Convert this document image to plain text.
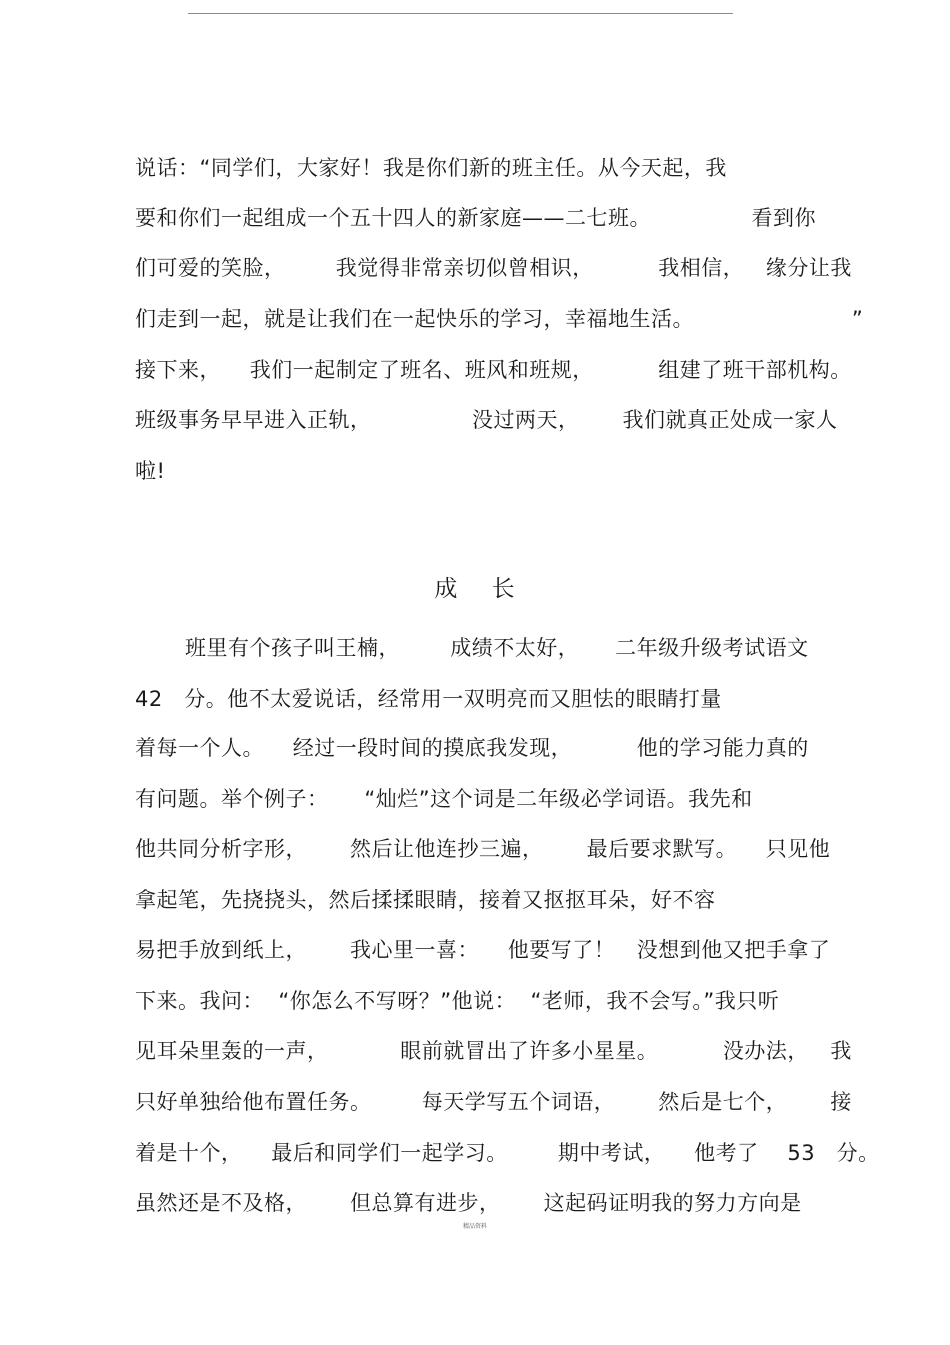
说话：“同学们，大家好！我是你们新的班主任。从今天起，我
要和你们一起组成一个五十四人的新家庭——二七班。              看到你
们可爱的笑脸，       我觉得非常亲切似曾相识，         我相信，   缘分让我
们走到一起，就是让我们在一起快乐的学习，幸福地生活。                      ”
接下来，    我们一起制定了班名、班风和班规，         组建了班干部机构。
班级事务早早进入正轨，              没过两天，      我们就真正处成一家人
啦!
成    长
班里有个孩子叫王楠，       成绩不太好，     二年级升级考试语文
42   分。他不太爱说话，经常用一双明亮而又胆怯的眼睛打量
着每一个人。    经过一段时间的摸底我发现，         他的学习能力真的
有问题。举个例子：     “灿烂”这个词是二年级必学词语。我先和
他共同分析字形，      然后让他连抄三遍，      最后要求默写。    只见他
拿起笔，先挠挠头，然后揉揉眼睛，接着又抠抠耳朵，好不容
易把手放到纸上，      我心里一喜：    他要写了！   没想到他又把手拿了
下来。我问：  “你怎么不写呀？”他说：  “老师，我不会写。”我只听
见耳朵里轰的一声，          眼前就冒出了许多小星星。         没办法，   我
只好单独给他布置任务。       每天学写五个词语，      然后是七个，      接
着是十个，    最后和同学们一起学习。       期中考试，    他考了    53   分。
虽然还是不及格，      但总算有进步，      这起码证明我的努力方向是
精品资料
